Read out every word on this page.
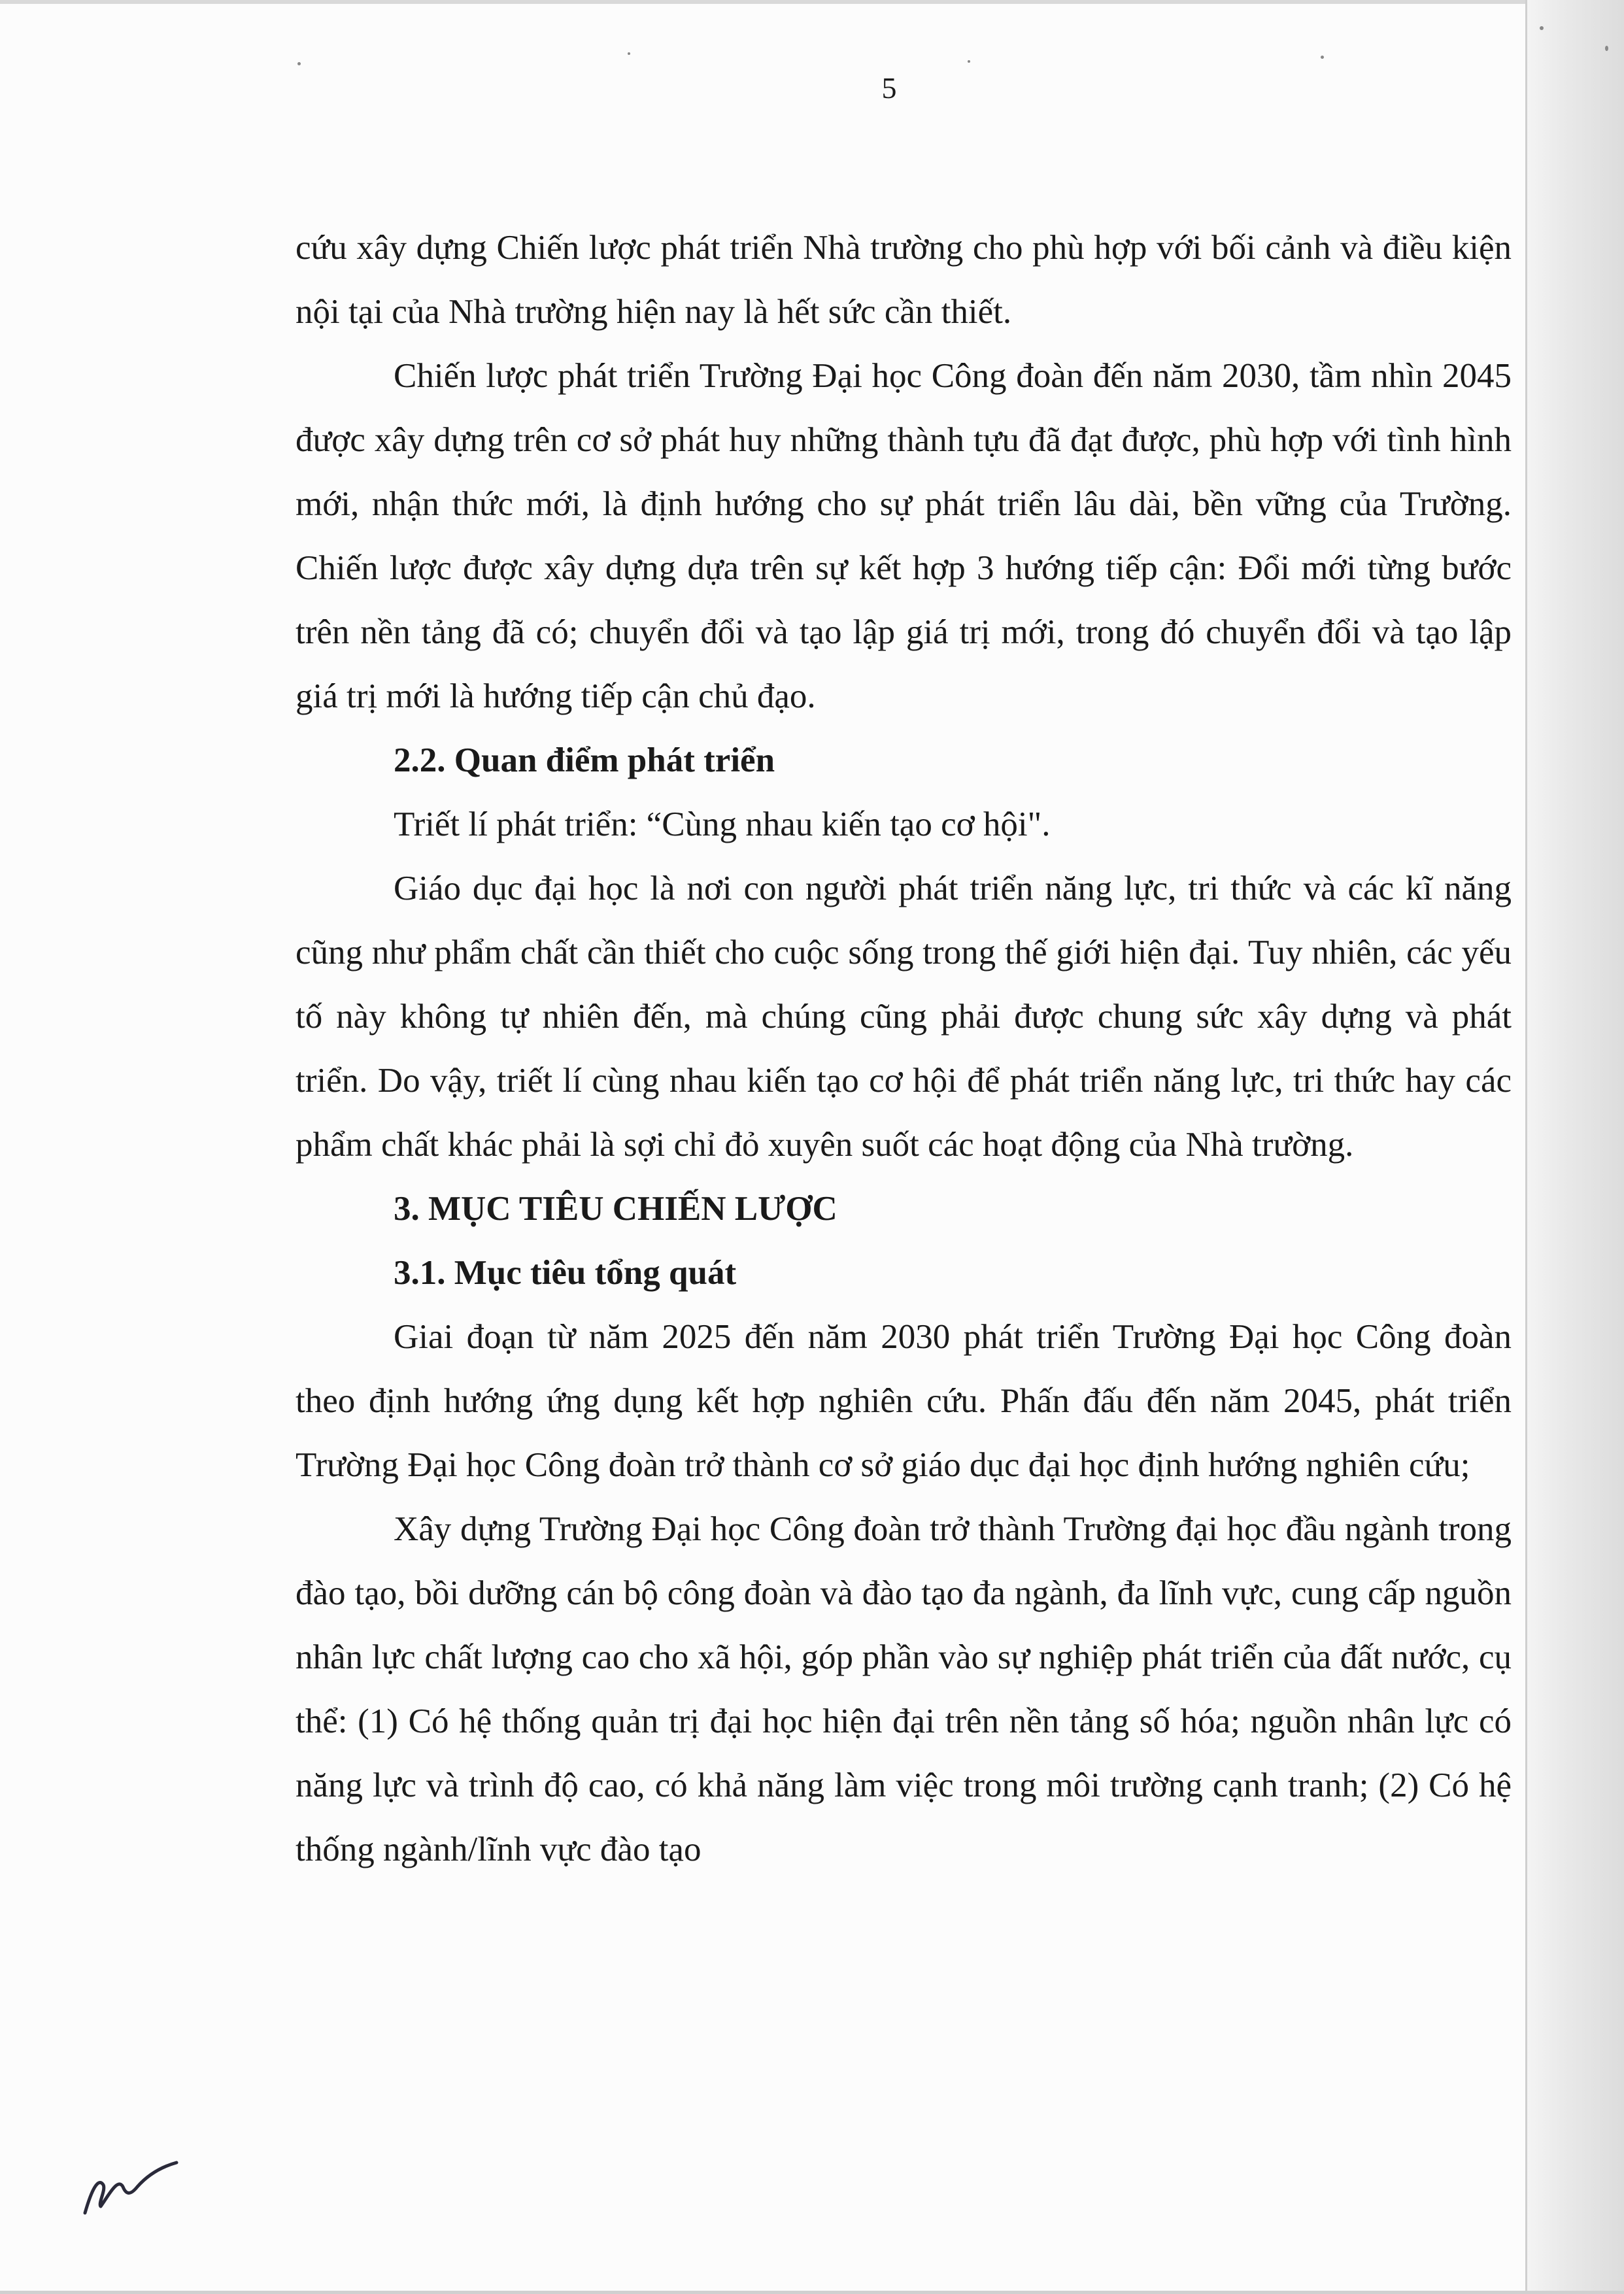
5

cứu xây dựng Chiến lược phát triển Nhà trường cho phù hợp với bối cảnh và điều kiện nội tại của Nhà trường hiện nay là hết sức cần thiết.

Chiến lược phát triển Trường Đại học Công đoàn đến năm 2030, tầm nhìn 2045 được xây dựng trên cơ sở phát huy những thành tựu đã đạt được, phù hợp với tình hình mới, nhận thức mới, là định hướng cho sự phát triển lâu dài, bền vững của Trường. Chiến lược được xây dựng dựa trên sự kết hợp 3 hướng tiếp cận: Đổi mới từng bước trên nền tảng đã có; chuyển đổi và tạo lập giá trị mới, trong đó chuyển đổi và tạo lập giá trị mới là hướng tiếp cận chủ đạo.

2.2. Quan điểm phát triển

Triết lí phát triển: “Cùng nhau kiến tạo cơ hội".

Giáo dục đại học là nơi con người phát triển năng lực, tri thức và các kĩ năng cũng như phẩm chất cần thiết cho cuộc sống trong thế giới hiện đại. Tuy nhiên, các yếu tố này không tự nhiên đến, mà chúng cũng phải được chung sức xây dựng và phát triển. Do vậy, triết lí cùng nhau kiến tạo cơ hội để phát triển năng lực, tri thức hay các phẩm chất khác phải là sợi chỉ đỏ xuyên suốt các hoạt động của Nhà trường.

3. MỤC TIÊU CHIẾN LƯỢC
3.1. Mục tiêu tổng quát

Giai đoạn từ năm 2025 đến năm 2030 phát triển Trường Đại học Công đoàn theo định hướng ứng dụng kết hợp nghiên cứu. Phấn đấu đến năm 2045, phát triển Trường Đại học Công đoàn trở thành cơ sở giáo dục đại học định hướng nghiên cứu;

Xây dựng Trường Đại học Công đoàn trở thành Trường đại học đầu ngành trong đào tạo, bồi dưỡng cán bộ công đoàn và đào tạo đa ngành, đa lĩnh vực, cung cấp nguồn nhân lực chất lượng cao cho xã hội, góp phần vào sự nghiệp phát triển của đất nước, cụ thể: (1) Có hệ thống quản trị đại học hiện đại trên nền tảng số hóa; nguồn nhân lực có năng lực và trình độ cao, có khả năng làm việc trong môi trường cạnh tranh; (2) Có hệ thống ngành/lĩnh vực đào tạo
